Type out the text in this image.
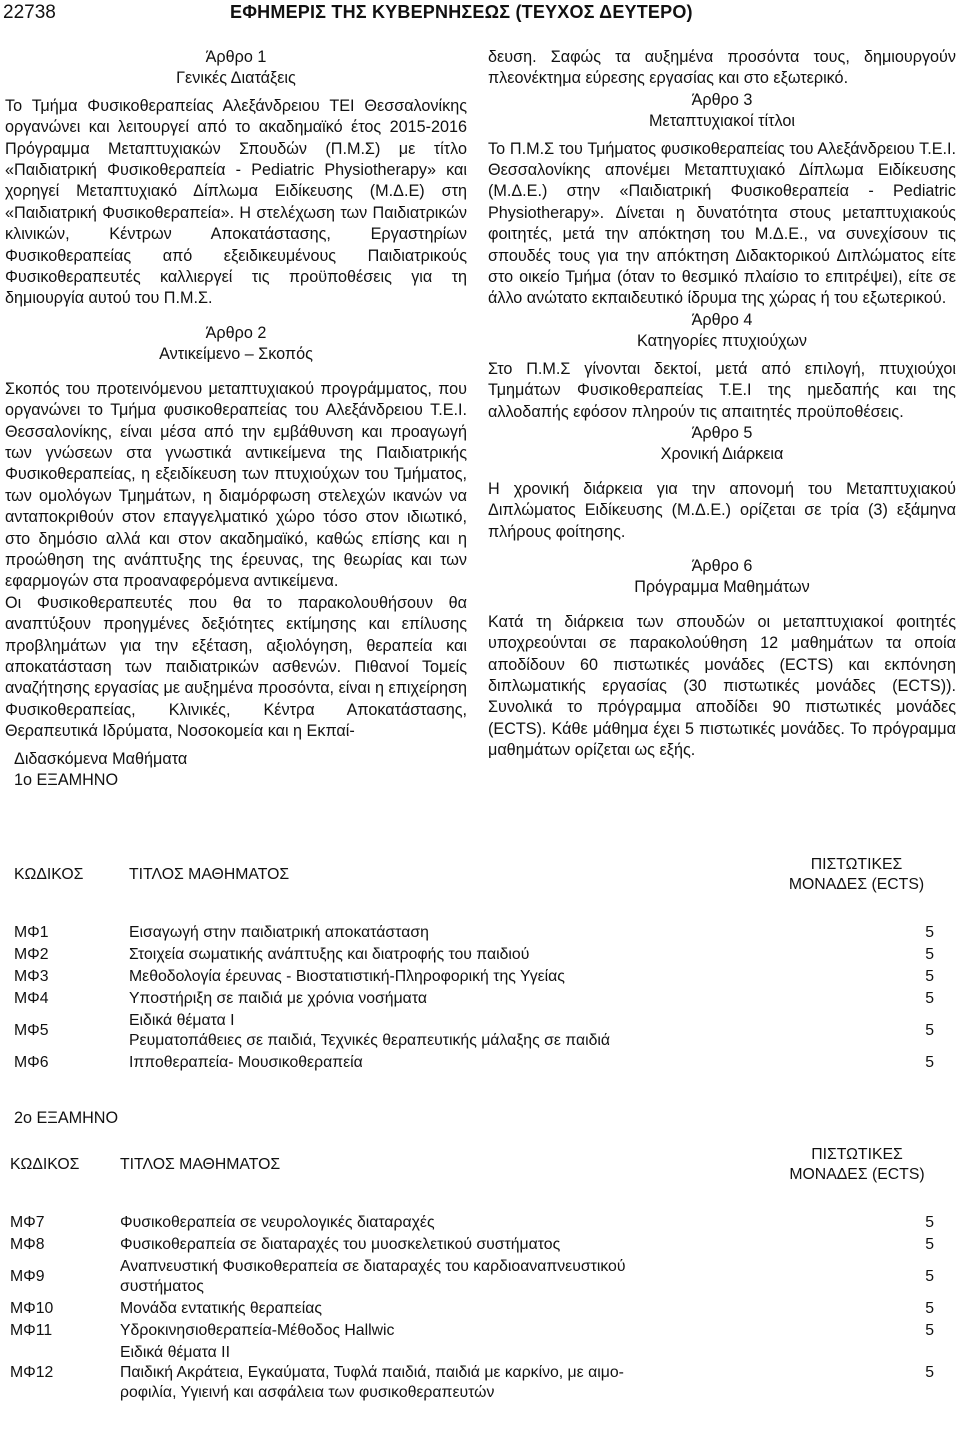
22738	ΕΦΗΜΕΡΙΣ ΤΗΣ ΚΥΒΕΡΝΗΣΕΩΣ (ΤΕΥΧΟΣ ΔΕΥΤΕΡΟ)

Άρθρο 1

Γενικές Διατάξεις

Το Τμήμα Φυσικοθεραπείας Αλεξάνδρειου ΤΕΙ Θεσσαλονίκης οργανώνει και λειτουργεί από το ακαδημαϊκό έτος 2015-2016 Πρόγραμμα Μεταπτυχιακών Σπουδών (Π.Μ.Σ) με τίτλο «Παιδιατρική Φυσικοθεραπεία - Pediatric Physiotherapy» και χορηγεί Μεταπτυχιακό Δίπλωμα Ειδίκευσης (Μ.Δ.Ε) στη «Παιδιατρική Φυσικοθεραπεία». Η στελέχωση των Παιδιατρικών κλινικών, Κέντρων Αποκατάστασης, Εργαστηρίων Φυσικοθεραπείας από εξειδικευμένους Παιδιατρικούς Φυσικοθεραπευτές καλλιεργεί τις προϋποθέσεις για τη δημιουργία αυτού του Π.Μ.Σ.

Άρθρο 2

Αντικείμενο – Σκοπός

Σκοπός του προτεινόμενου μεταπτυχιακού προγράμματος, που οργανώνει το Τμήμα φυσικοθεραπείας του Αλεξάνδρειου Τ.Ε.Ι. Θεσσαλονίκης, είναι μέσα από την εμβάθυνση και προαγωγή των γνώσεων στα γνωστικά αντικείμενα της Παιδιατρικής Φυσικοθεραπείας, η εξειδίκευση των πτυχιούχων του Τμήματος, των ομολόγων Τμημάτων, η διαμόρφωση στελεχών ικανών να ανταποκριθούν στον επαγγελματικό χώρο τόσο στον ιδιωτικό, στο δημόσιο αλλά και στον ακαδημαϊκό, καθώς επίσης και η προώθηση της ανάπτυξης της έρευνας, της θεωρίας και των εφαρμογών στα προαναφερόμενα αντικείμενα.

Οι Φυσικοθεραπευτές που θα το παρακολουθήσουν θα αναπτύξουν προηγμένες δεξιότητες εκτίμησης και επίλυσης προβλημάτων για την εξέταση, αξιολόγηση, θεραπεία και αποκατάσταση των παιδιατρικών ασθενών. Πιθανοί Τομείς αναζήτησης εργασίας με αυξημένα προσόντα, είναι η επιχείρηση Φυσικοθεραπείας, Κλινικές, Κέντρα Αποκατάστασης, Θεραπευτικά Ιδρύματα, Νοσοκομεία και η Εκπαί-

Διδασκόμενα Μαθήματα

1ο ΕΞΑΜΗΝΟ

δευση. Σαφώς τα αυξημένα προσόντα τους, δημιουργούν πλεονέκτημα εύρεσης εργασίας και στο εξωτερικό.

Άρθρο 3

Μεταπτυχιακοί τίτλοι

Το Π.Μ.Σ του Τμήματος φυσικοθεραπείας του Αλεξάνδρειου Τ.Ε.Ι. Θεσσαλονίκης απονέμει Μεταπτυχιακό Δίπλωμα Ειδίκευσης (Μ.Δ.Ε.) στην «Παιδιατρική Φυσικοθεραπεία - Pediatric Physiotherapy». Δίνεται η δυνατότητα στους μεταπτυχιακούς φοιτητές, μετά την απόκτηση του Μ.Δ.Ε., να συνεχίσουν τις σπουδές τους για την απόκτηση Διδακτορικού Διπλώματος είτε στο οικείο Τμήμα (όταν το θεσμικό πλαίσιο το επιτρέψει), είτε σε άλλο ανώτατο εκπαιδευτικό ίδρυμα της χώρας ή του εξωτερικού.

Άρθρο 4

Κατηγορίες πτυχιούχων

Στο Π.Μ.Σ γίνονται δεκτοί, μετά από επιλογή, πτυχιούχοι Τμημάτων Φυσικοθεραπείας Τ.Ε.Ι της ημεδαπής και της αλλοδαπής εφόσον πληρούν τις απαιτητές προϋποθέσεις.

Άρθρο 5

Χρονική Διάρκεια

Η χρονική διάρκεια για την απονομή του Μεταπτυχιακού Διπλώματος Ειδίκευσης (Μ.Δ.Ε.) ορίζεται σε τρία (3) εξάμηνα πλήρους φοίτησης.

Άρθρο 6

Πρόγραμμα Μαθημάτων

Κατά τη διάρκεια των σπουδών οι μεταπτυχιακοί φοιτητές υποχρεούνται σε παρακολούθηση 12 μαθημάτων τα οποία αποδίδουν 60 πιστωτικές μονάδες (ECTS) και εκπόνηση διπλωματικής εργασίας (30 πιστωτικές μονάδες (ECTS)). Συνολικά το πρόγραμμα αποδίδει 90 πιστωτικές μονάδες (ECTS). Κάθε μάθημα έχει 5 πιστωτικές μονάδες. Το πρόγραμμα μαθημάτων ορίζεται ως εξής.

ΚΩΔΙΚΟΣ	ΤΙΤΛΟΣ ΜΑΘΗΜΑΤΟΣ	ΠΙΣΤΩΤΙΚΕΣ
ΜΟΝΑΔΕΣ (ECTS)

ΜΦ1	Εισαγωγή στην παιδιατρική αποκατάσταση	5
ΜΦ2	Στοιχεία σωματικής ανάπτυξης και διατροφής του παιδιού	5
ΜΦ3	Μεθοδολογία έρευνας - Βιοστατιστική-Πληροφορική της Υγείας	5
ΜΦ4	Υποστήριξη σε παιδιά με χρόνια νοσήματα	5
ΜΦ5	Ειδικά θέματα Ι
Ρευματοπάθειες σε παιδιά, Τεχνικές θεραπευτικής μάλαξης σε παιδιά	5
ΜΦ6	Ιπποθεραπεία- Μουσικοθεραπεία	5

2ο ΕΞΑΜΗΝΟ

ΚΩΔΙΚΟΣ	ΤΙΤΛΟΣ ΜΑΘΗΜΑΤΟΣ	ΠΙΣΤΩΤΙΚΕΣ
ΜΟΝΑΔΕΣ (ECTS)

ΜΦ7	Φυσικοθεραπεία σε νευρολογικές διαταραχές	5
ΜΦ8	Φυσικοθεραπεία σε διαταραχές του μυοσκελετικού συστήματος	5
ΜΦ9	Αναπνευστική Φυσικοθεραπεία σε διαταραχές του καρδιοαναπνευστικού
συστήματος	5
ΜΦ10	Μονάδα εντατικής θεραπείας	5
ΜΦ11	Υδροκινησιοθεραπεία-Μέθοδος Hallwic	5
ΜΦ12	Ειδικά θέματα ΙΙ
Παιδική Ακράτεια, Εγκαύματα, Τυφλά παιδιά, παιδιά με καρκίνο, με αιμο-
ροφιλία, Υγιεινή και ασφάλεια των φυσικοθεραπευτών	5
